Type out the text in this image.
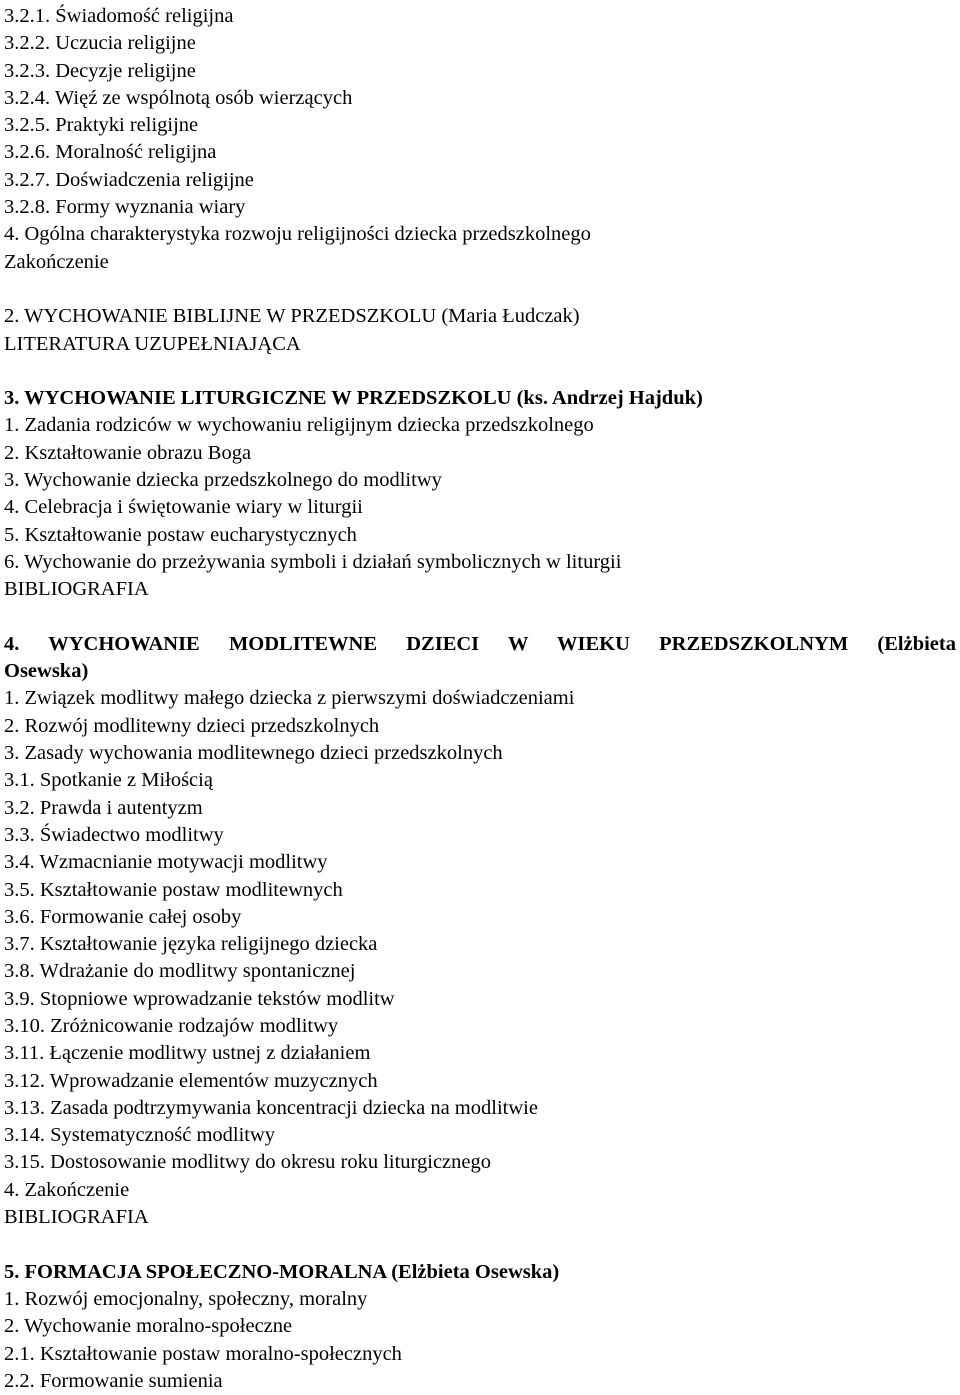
3.2.1. Świadomość religijna
3.2.2. Uczucia religijne
3.2.3. Decyzje religijne
3.2.4. Więź ze wspólnotą osób wierzących
3.2.5. Praktyki religijne
3.2.6. Moralność religijna
3.2.7. Doświadczenia religijne
3.2.8. Formy wyznania wiary
4. Ogólna charakterystyka rozwoju religijności dziecka przedszkolnego
Zakończenie
2. WYCHOWANIE BIBLIJNE W PRZEDSZKOLU (Maria Łudczak)
LITERATURA UZUPEŁNIAJĄCA
3. WYCHOWANIE LITURGICZNE W PRZEDSZKOLU (ks. Andrzej Hajduk)
1. Zadania rodziców w wychowaniu religijnym dziecka przedszkolnego
2. Kształtowanie obrazu Boga
3. Wychowanie dziecka przedszkolnego do modlitwy
4. Celebracja i świętowanie wiary w liturgii
5. Kształtowanie postaw eucharystycznych
6. Wychowanie do przeżywania symboli i działań symbolicznych w liturgii
BIBLIOGRAFIA
4. WYCHOWANIE MODLITEWNE DZIECI W WIEKU PRZEDSZKOLNYM (Elżbieta
Osewska)
1. Związek modlitwy małego dziecka z pierwszymi doświadczeniami
2. Rozwój modlitewny dzieci przedszkolnych
3. Zasady wychowania modlitewnego dzieci przedszkolnych
3.1. Spotkanie z Miłością
3.2. Prawda i autentyzm
3.3. Świadectwo modlitwy
3.4. Wzmacnianie motywacji modlitwy
3.5. Kształtowanie postaw modlitewnych
3.6. Formowanie całej osoby
3.7. Kształtowanie języka religijnego dziecka
3.8. Wdrażanie do modlitwy spontanicznej
3.9. Stopniowe wprowadzanie tekstów modlitw
3.10. Zróżnicowanie rodzajów modlitwy
3.11. Łączenie modlitwy ustnej z działaniem
3.12. Wprowadzanie elementów muzycznych
3.13. Zasada podtrzymywania koncentracji dziecka na modlitwie
3.14. Systematyczność modlitwy
3.15. Dostosowanie modlitwy do okresu roku liturgicznego
4. Zakończenie
BIBLIOGRAFIA
5. FORMACJA SPOŁECZNO-MORALNA (Elżbieta Osewska)
1. Rozwój emocjonalny, społeczny, moralny
2. Wychowanie moralno-społeczne
2.1. Kształtowanie postaw moralno-społecznych
2.2. Formowanie sumienia
